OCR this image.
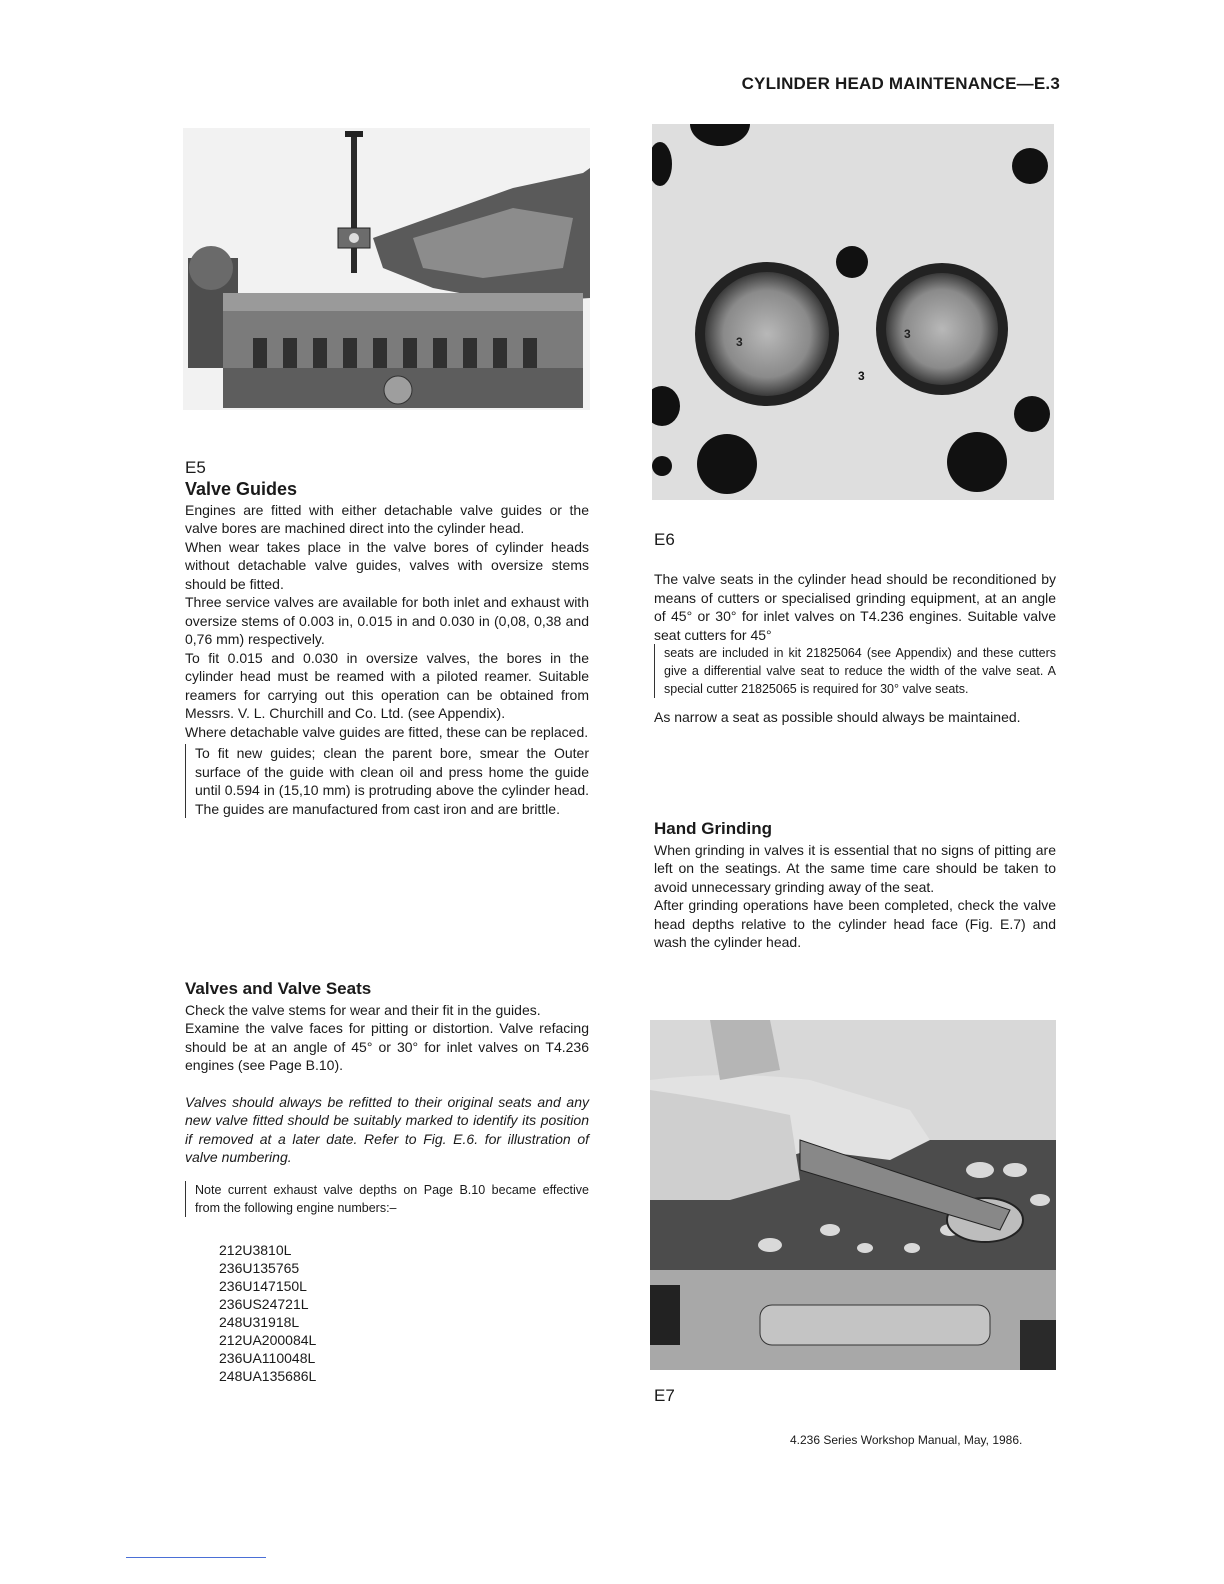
CYLINDER HEAD MAINTENANCE—E.3
E5
Valve Guides

Engines are fitted with either detachable valve guides or the valve bores are machined direct into the cylinder head.

When wear takes place in the valve bores of cylinder heads without detachable valve guides, valves with oversize stems should be fitted.

Three service valves are available for both inlet and exhaust with oversize stems of 0.003 in, 0.015 in and 0.030 in (0,08, 0,38 and 0,76 mm) respectively.

To fit 0.015 and 0.030 in oversize valves, the bores in the cylinder head must be reamed with a piloted reamer. Suitable reamers for carrying out this operation can be obtained from Messrs. V. L. Churchill and Co. Ltd. (see Appendix).

Where detachable valve guides are fitted, these can be replaced.

To fit new guides; clean the parent bore, smear the Outer surface of the guide with clean oil and press home the guide until 0.594 in (15,10 mm) is protruding above the cylinder head. The guides are manufactured from cast iron and are brittle.

Valves and Valve Seats

Check the valve stems for wear and their fit in the guides.

Examine the valve faces for pitting or distortion. Valve refacing should be at an angle of 45° or 30° for inlet valves on T4.236 engines (see Page B.10).

Valves should always be refitted to their original seats and any new valve fitted should be suitably marked to identify its position if removed at a later date. Refer to Fig. E.6. for illustration of valve numbering.

Note current exhaust valve depths on Page B.10 became effective from the following engine numbers:–

212U3810L
236U135765
236U147150L
236US24721L
248U31918L
212UA200084L
236UA110048L
248UA135686L
3
3
3
E6

The valve seats in the cylinder head should be reconditioned by means of cutters or specialised grinding equipment, at an angle of 45° or 30° for inlet valves on T4.236 engines. Suitable valve seat cutters for 45°

seats are included in kit 21825064 (see Appendix) and these cutters give a differential valve seat to reduce the width of the valve seat. A special cutter 21825065 is required for 30° valve seats.

As narrow a seat as possible should always be maintained.

Hand Grinding

When grinding in valves it is essential that no signs of pitting are left on the seatings. At the same time care should be taken to avoid unnecessary grinding away of the seat.

After grinding operations have been completed, check the valve head depths relative to the cylinder head face (Fig. E.7) and wash the cylinder head.

E7
4.236 Series Workshop Manual, May, 1986.
